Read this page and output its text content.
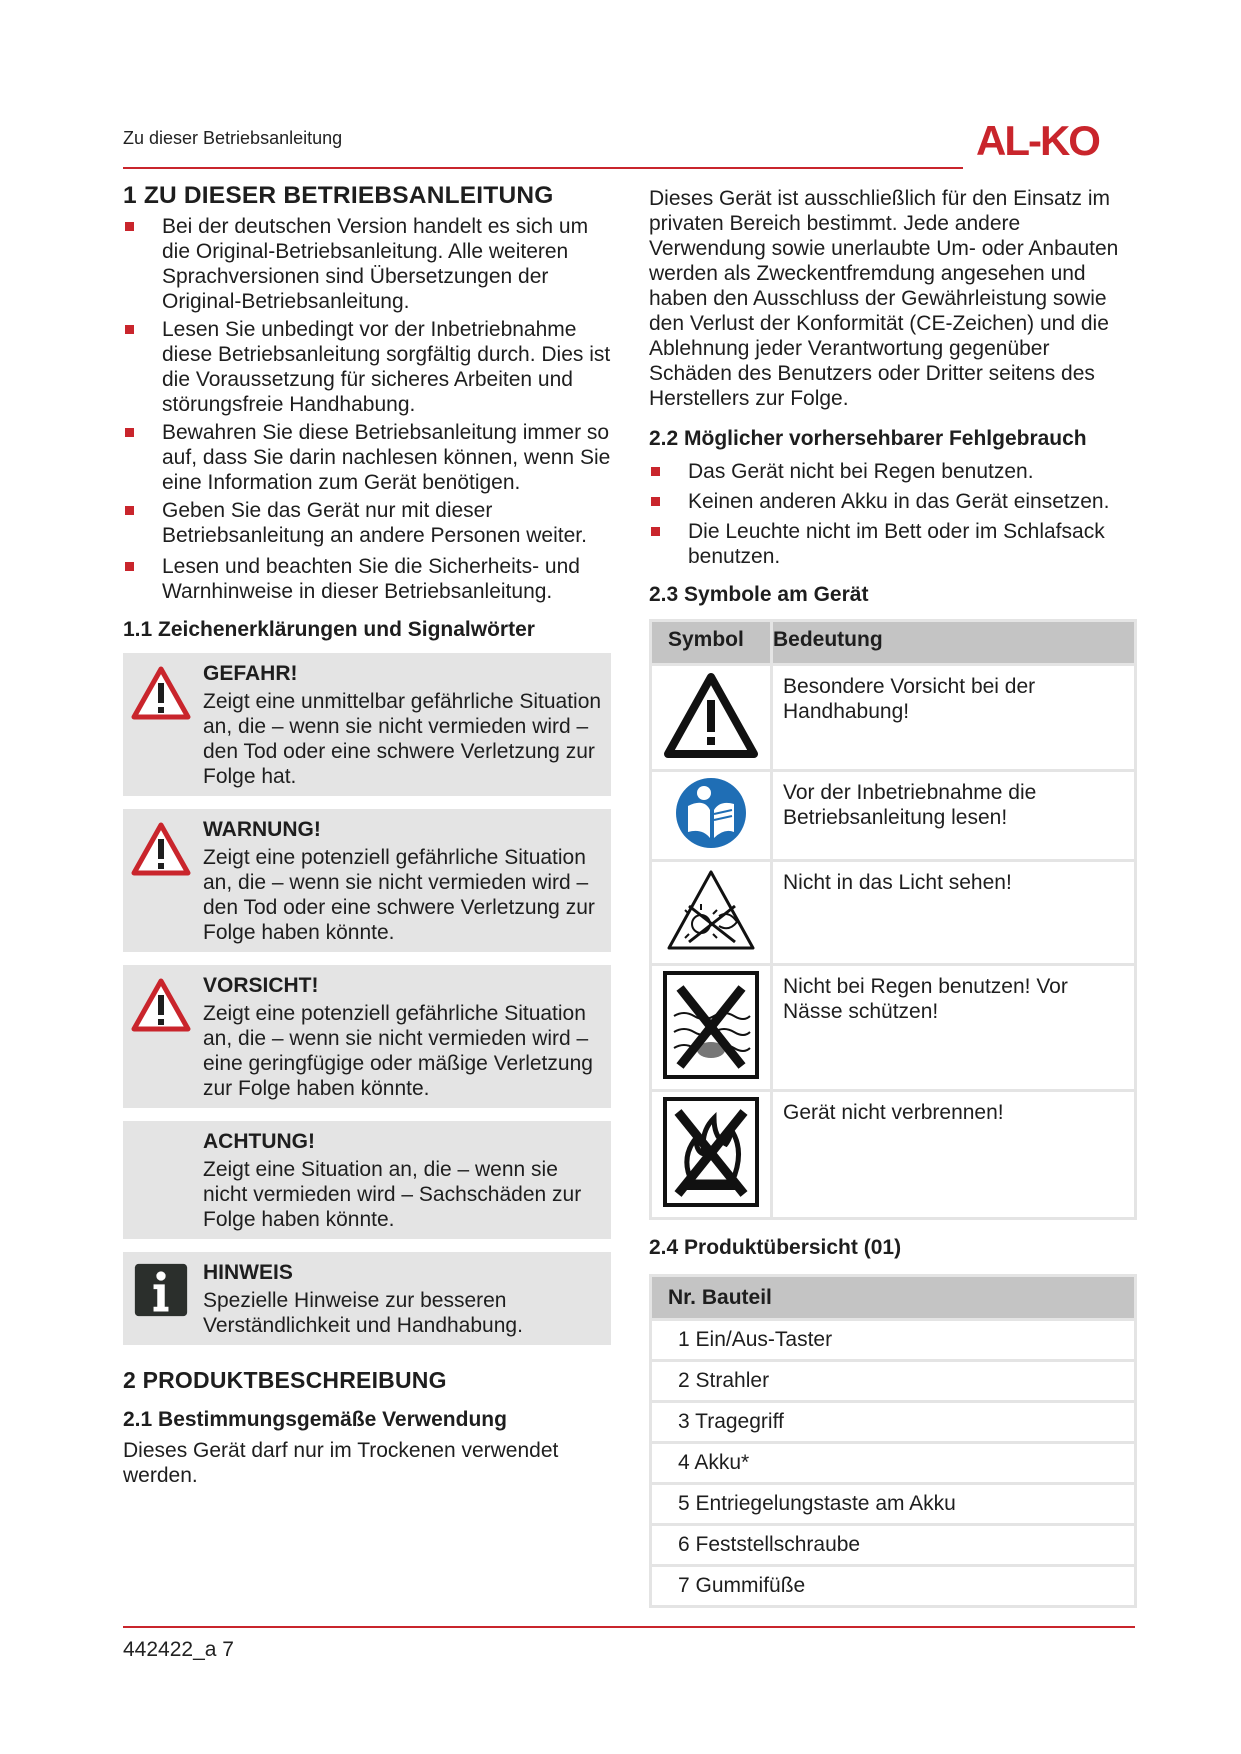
Zu dieser Betriebsanleitung	AL-KO
1 ZU DIESER BETRIEBSANLEITUNG
Bei der deutschen Version handelt es sich um die Original-Betriebsanleitung. Alle weiteren Sprachversionen sind Übersetzungen der Original-Betriebsanleitung.
Lesen Sie unbedingt vor der Inbetriebnahme diese Betriebsanleitung sorgfältig durch. Dies ist die Voraussetzung für sicheres Arbeiten und störungsfreie Handhabung.
Bewahren Sie diese Betriebsanleitung immer so auf, dass Sie darin nachlesen können, wenn Sie eine Information zum Gerät benötigen.
Geben Sie das Gerät nur mit dieser Betriebsanleitung an andere Personen weiter.
Lesen und beachten Sie die Sicherheits- und Warnhinweise in dieser Betriebsanleitung.
1.1 Zeichenerklärungen und Signalwörter
GEFAHR!
Zeigt eine unmittelbar gefährliche Situation an, die – wenn sie nicht vermieden wird – den Tod oder eine schwere Verletzung zur Folge hat.
WARNUNG!
Zeigt eine potenziell gefährliche Situation an, die – wenn sie nicht vermieden wird – den Tod oder eine schwere Verletzung zur Folge haben könnte.
VORSICHT!
Zeigt eine potenziell gefährliche Situation an, die – wenn sie nicht vermieden wird – eine geringfügige oder mäßige Verletzung zur Folge haben könnte.
ACHTUNG!
Zeigt eine Situation an, die – wenn sie nicht vermieden wird – Sachschäden zur Folge haben könnte.
HINWEIS
Spezielle Hinweise zur besseren Verständlichkeit und Handhabung.
2 PRODUKTBESCHREIBUNG
2.1 Bestimmungsgemäße Verwendung

Dieses Gerät darf nur im Trockenen verwendet werden.

Dieses Gerät ist ausschließlich für den Einsatz im privaten Bereich bestimmt. Jede andere Verwendung sowie unerlaubte Um- oder Anbauten werden als Zweckentfremdung angesehen und haben den Ausschluss der Gewährleistung sowie den Verlust der Konformität (CE-Zeichen) und die Ablehnung jeder Verantwortung gegenüber Schäden des Benutzers oder Dritter seitens des Herstellers zur Folge.

2.2 Möglicher vorhersehbarer Fehlgebrauch
Das Gerät nicht bei Regen benutzen.
Keinen anderen Akku in das Gerät einsetzen.
Die Leuchte nicht im Bett oder im Schlafsack benutzen.
2.3 Symbole am Gerät
Symbol	Bedeutung
	Besondere Vorsicht bei der Handhabung!
	Vor der Inbetriebnahme die Betriebsanleitung lesen!
	Nicht in das Licht sehen!
	Nicht bei Regen benutzen! Vor Nässe schützen!
	Gerät nicht verbrennen!
2.4 Produktübersicht (01)
Nr. Bauteil
1 Ein/Aus-Taster
2 Strahler
3 Tragegriff
4 Akku*
5 Entriegelungstaste am Akku
6 Feststellschraube
7 Gummifüße
442422_a 7
